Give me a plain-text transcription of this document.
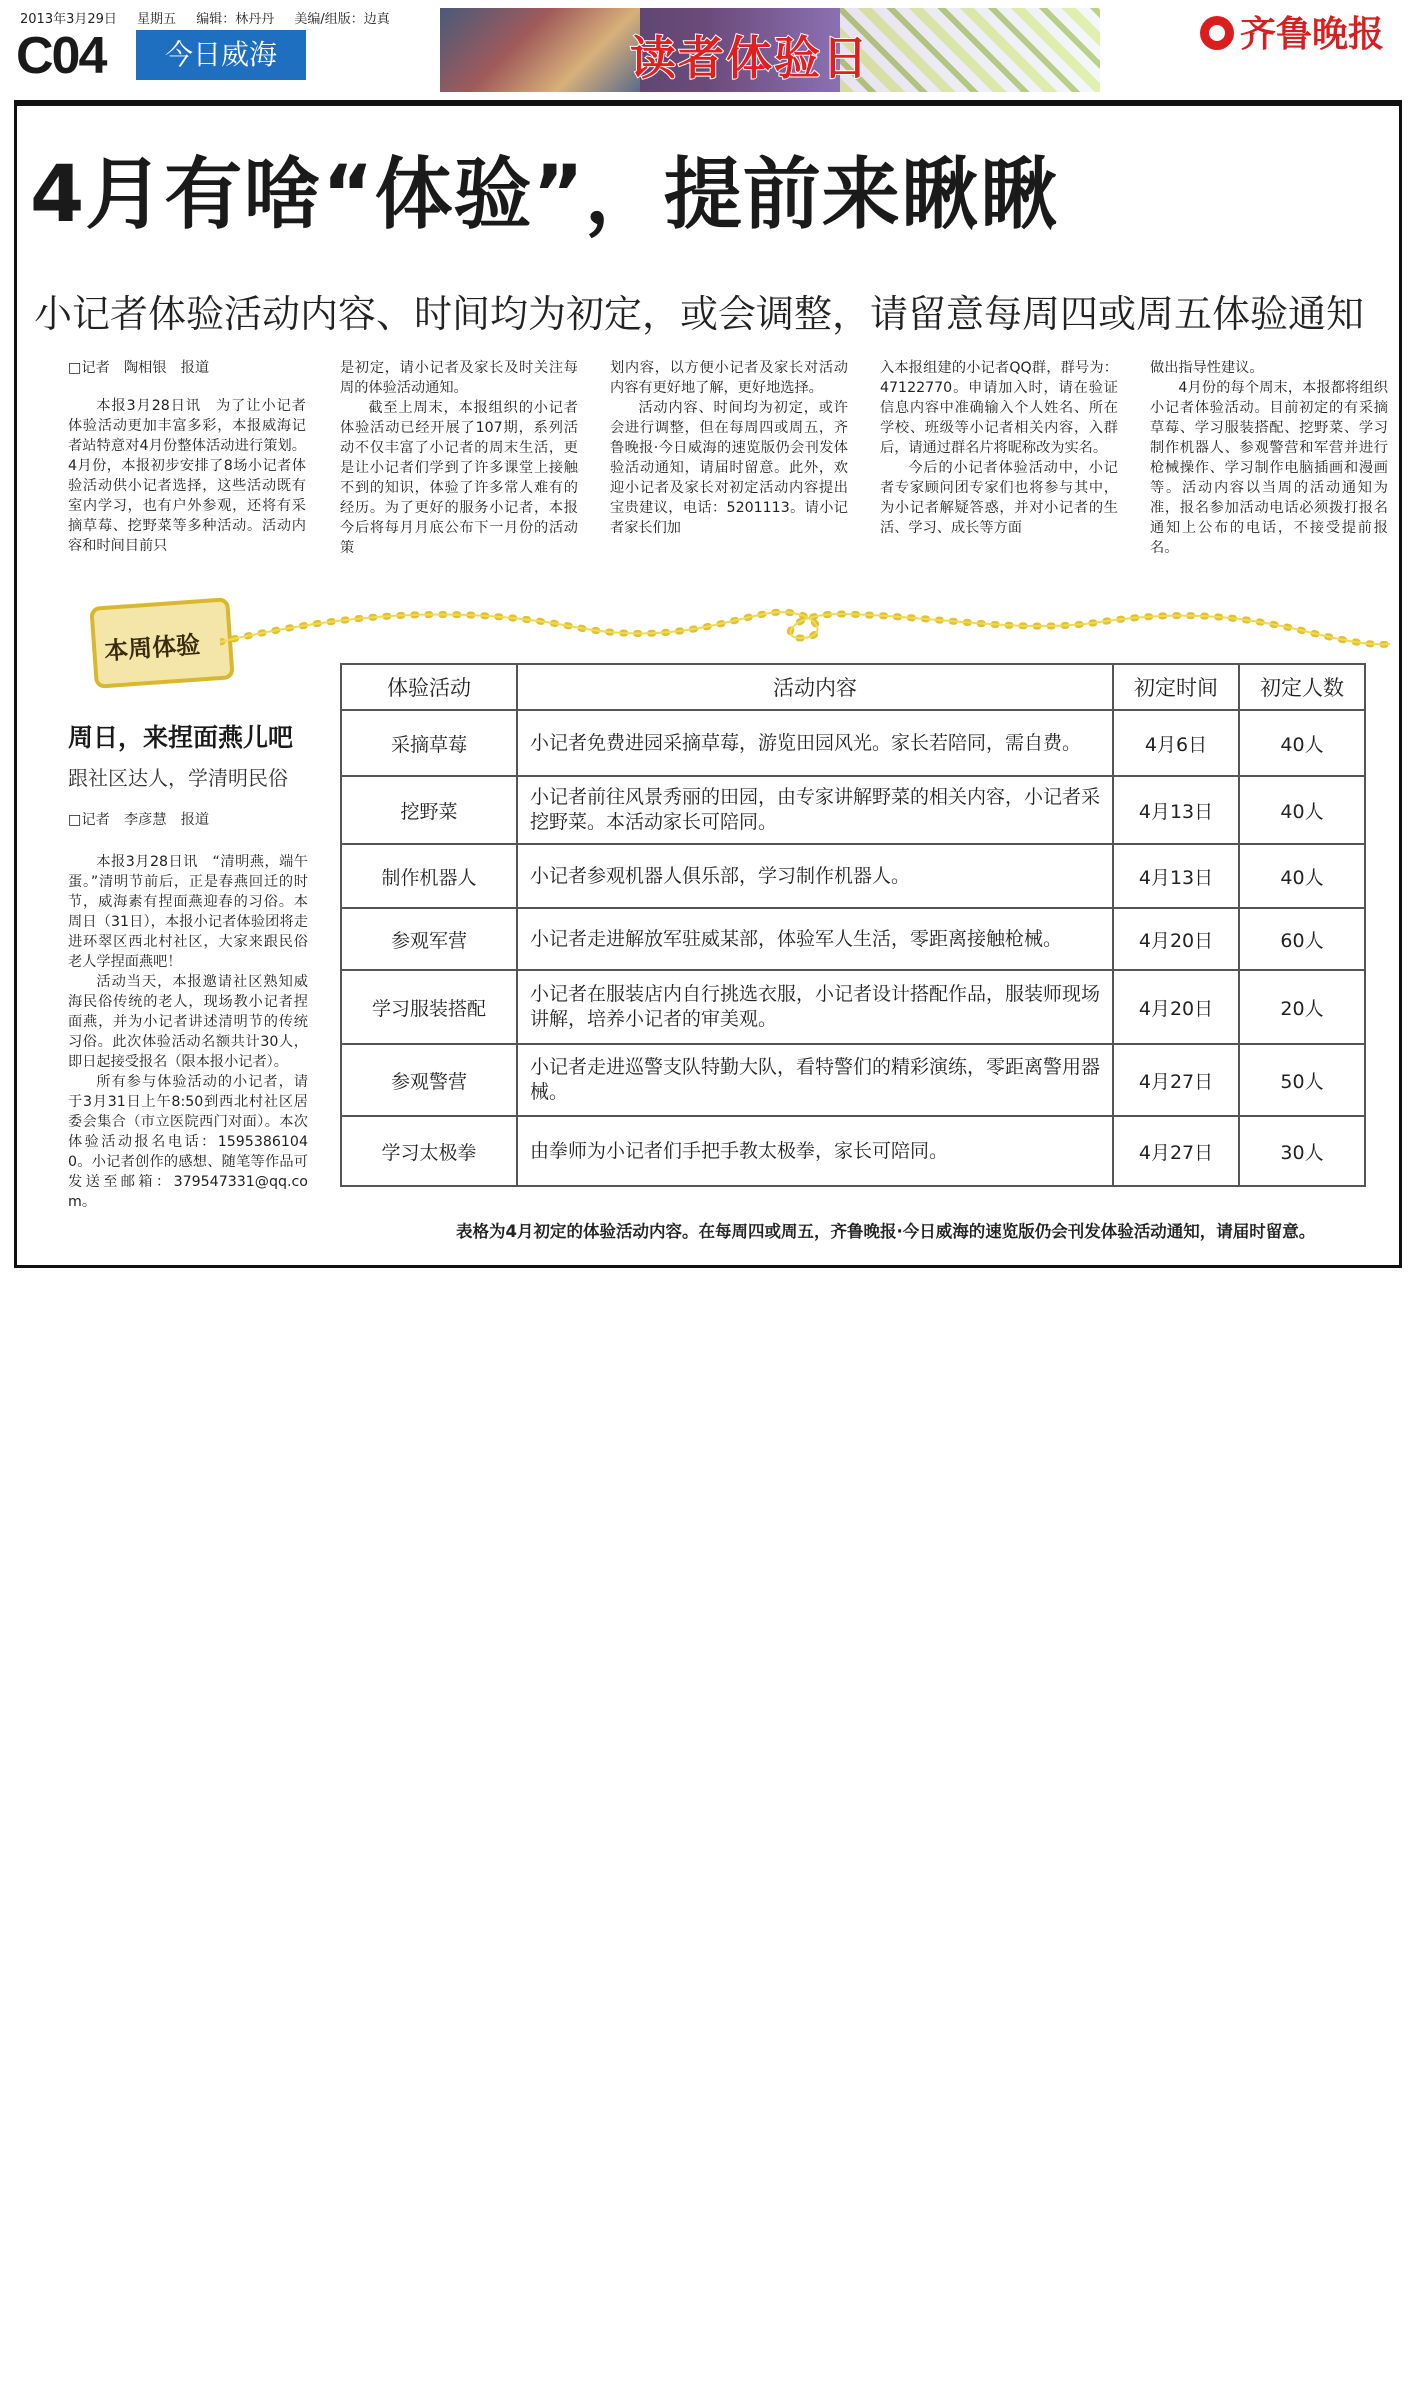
2013年3月29日 星期五 编辑：林丹丹 美编/组版：边真
C04	今日威海	读者体验日	齐鲁晚报
4月有啥“体验”，提前来瞅瞅
小记者体验活动内容、时间均为初定，或会调整，请留意每周四或周五体验通知

□记者　陶相银　报道

本报3月28日讯　为了让小记者体验活动更加丰富多彩，本报威海记者站特意对4月份整体活动进行策划。4月份，本报初步安排了8场小记者体验活动供小记者选择，这些活动既有室内学习，也有户外参观，还将有采摘草莓、挖野菜等多种活动。活动内容和时间目前只

是初定，请小记者及家长及时关注每周的体验活动通知。

截至上周末，本报组织的小记者体验活动已经开展了107期，系列活动不仅丰富了小记者的周末生活，更是让小记者们学到了许多课堂上接触不到的知识，体验了许多常人难有的经历。为了更好的服务小记者，本报今后将每月月底公布下一月份的活动策

划内容，以方便小记者及家长对活动内容有更好地了解，更好地选择。

活动内容、时间均为初定，或许会进行调整，但在每周四或周五，齐鲁晚报·今日威海的速览版仍会刊发体验活动通知，请届时留意。此外，欢迎小记者及家长对初定活动内容提出宝贵建议，电话：5201113。请小记者家长们加

入本报组建的小记者QQ群，群号为：47122770。申请加入时，请在验证信息内容中准确输入个人姓名、所在学校、班级等小记者相关内容，入群后，请通过群名片将昵称改为实名。

今后的小记者体验活动中，小记者专家顾问团专家们也将参与其中，为小记者解疑答惑，并对小记者的生活、学习、成长等方面

做出指导性建议。

4月份的每个周末，本报都将组织小记者体验活动。目前初定的有采摘草莓、学习服装搭配、挖野菜、学习制作机器人、参观警营和军营并进行枪械操作、学习制作电脑插画和漫画等。活动内容以当周的活动通知为准，报名参加活动电话必须拨打报名通知上公布的电话，不接受提前报名。

本周体验
周日，来捏面燕儿吧
跟社区达人，学清明民俗

□记者　李彦慧　报道

本报3月28日讯　“清明燕，端午蛋。”清明节前后，正是春燕回迁的时节，威海素有捏面燕迎春的习俗。本周日（31日），本报小记者体验团将走进环翠区西北村社区，大家来跟民俗老人学捏面燕吧！

活动当天，本报邀请社区熟知威海民俗传统的老人，现场教小记者捏面燕，并为小记者讲述清明节的传统习俗。此次体验活动名额共计30人，即日起接受报名（限本报小记者）。

所有参与体验活动的小记者，请于3月31日上午8:50到西北村社区居委会集合（市立医院西门对面）。本次体验活动报名电话：15953861040。小记者创作的感想、随笔等作品可发送至邮箱：379547331@qq.com。

体验活动	活动内容	初定时间	初定人数
采摘草莓	小记者免费进园采摘草莓，游览田园风光。家长若陪同，需自费。	4月6日	40人
挖野菜	小记者前往风景秀丽的田园，由专家讲解野菜的相关内容，小记者采挖野菜。本活动家长可陪同。	4月13日	40人
制作机器人	小记者参观机器人俱乐部，学习制作机器人。	4月13日	40人
参观军营	小记者走进解放军驻威某部，体验军人生活，零距离接触枪械。	4月20日	60人
学习服装搭配	小记者在服装店内自行挑选衣服，小记者设计搭配作品，服装师现场讲解，培养小记者的审美观。	4月20日	20人
参观警营	小记者走进巡警支队特勤大队，看特警们的精彩演练，零距离警用器械。	4月27日	50人
学习太极拳	由拳师为小记者们手把手教太极拳，家长可陪同。	4月27日	30人
表格为4月初定的体验活动内容。在每周四或周五，齐鲁晚报·今日威海的速览版仍会刊发体验活动通知，请届时留意。
